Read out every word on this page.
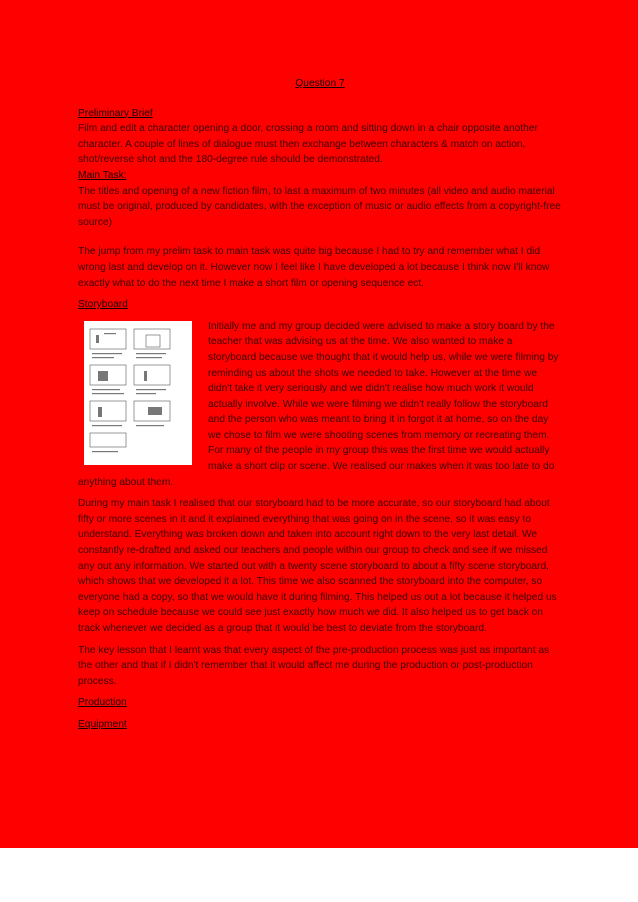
Question 7

Preliminary Brief

Film and edit a character opening a door, crossing a room and sitting down in a chair opposite another character. A couple of lines of dialogue must then exchange between characters & match on action, shot/reverse shot and the 180-degree rule should be demonstrated.

Main Task:

The titles and opening of a new fiction film, to last a maximum of two minutes (all video and audio material must be original, produced by candidates, with the exception of music or audio effects from a copyright-free source)

The jump from my prelim task to main task was quite big because I had to try and remember what I did wrong last and develop on it. However now I feel like I have developed a lot because I think now I'll know exactly what to do the next time I make a short film or opening sequence ect.

Storyboard

Initially me and my group decided were advised to make a story board by the teacher that was advising us at the time. We also wanted to make a storyboard because we thought that it would help us, while we were filming by reminding us about the shots we needed to take. However at the time we didn't take it very seriously and we didn't realise how much work it would actually involve. While we were filming we didn't really follow the storyboard and the person who was meant to bring it in forgot it at home, so on the day we chose to film we were shooting scenes from memory or recreating them. For many of the people in my group this was the first time we would actually make a short clip or scene. We realised our makes when it was too late to do anything about them.

During my main task I realised that our storyboard had to be more accurate, so our storyboard had about fifty or more scenes in it and it explained everything that was going on in the scene, so it was easy to understand. Everything was broken down and taken into account right down to the very last detail. We constantly re-drafted and asked our teachers and people within our group to check and see if we missed any out any information. We started out with a twenty scene storyboard to about a fifty scene storyboard, which shows that we developed it a lot. This time we also scanned the storyboard into the computer, so everyone had a copy, so that we would have it during filming. This helped us out a lot because it helped us keep on schedule because we could see just exactly how much we did. It also helped us to get back on track whenever we decided as a group that it would be best to deviate from the storyboard.

The key lesson that I learnt was that every aspect of the pre-production process was just as important as the other and that if I didn't remember that it would affect me during the production or post-production process.

Production

Equipment
